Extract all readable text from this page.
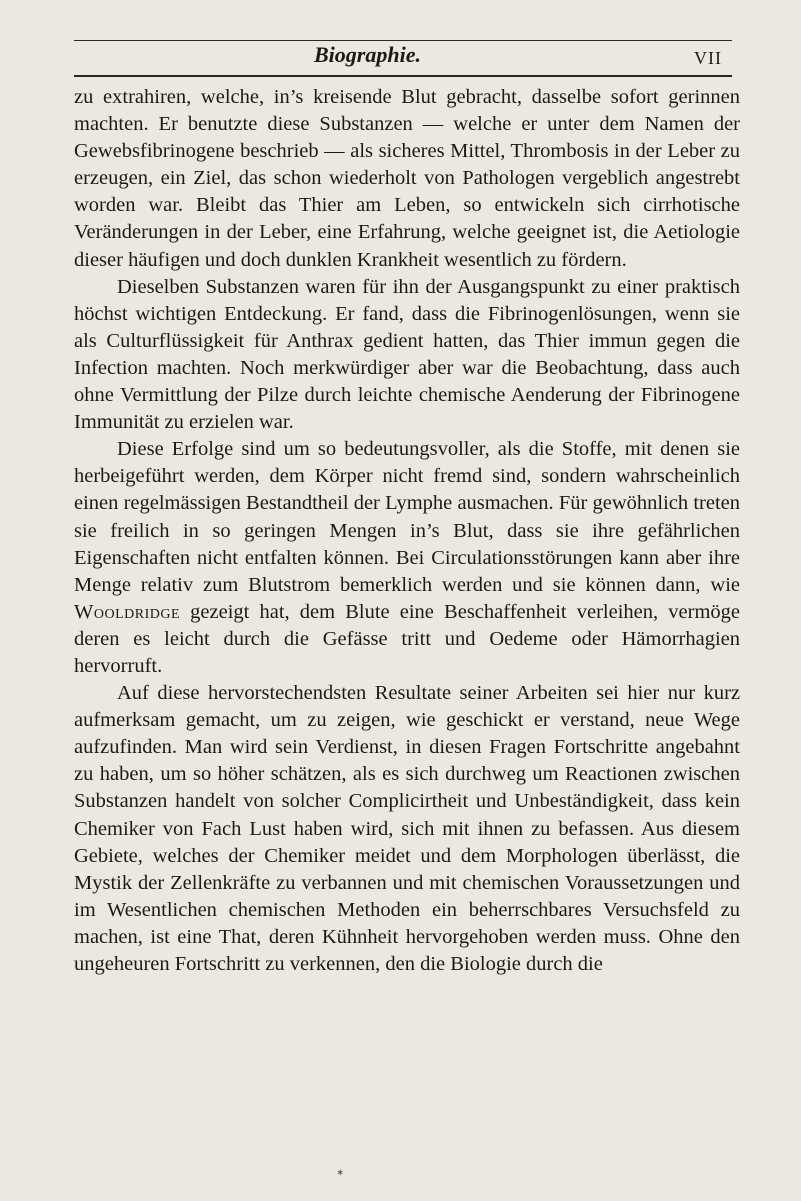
Biographie.	VII

zu extrahiren, welche, in’s kreisende Blut gebracht, dasselbe sofort gerinnen machten. Er benutzte diese Substanzen — welche er unter dem Namen der Gewebsfibrinogene beschrieb — als sicheres Mittel, Thrombosis in der Leber zu erzeugen, ein Ziel, das schon wiederholt von Pathologen vergeblich angestrebt worden war. Bleibt das Thier am Leben, so entwickeln sich cirrhotische Veränderungen in der Leber, eine Erfahrung, welche geeignet ist, die Aetiologie dieser häufigen und doch dunklen Krankheit wesentlich zu fördern.

Dieselben Substanzen waren für ihn der Ausgangspunkt zu einer praktisch höchst wichtigen Entdeckung. Er fand, dass die Fibrinogenlösungen, wenn sie als Culturflüssigkeit für Anthrax gedient hatten, das Thier immun gegen die Infection machten. Noch merkwürdiger aber war die Beobachtung, dass auch ohne Vermittlung der Pilze durch leichte chemische Aenderung der Fibrinogene Immunität zu erzielen war.

Diese Erfolge sind um so bedeutungsvoller, als die Stoffe, mit denen sie herbeigeführt werden, dem Körper nicht fremd sind, sondern wahrscheinlich einen regelmässigen Bestandtheil der Lymphe ausmachen. Für gewöhnlich treten sie freilich in so geringen Mengen in’s Blut, dass sie ihre gefährlichen Eigenschaften nicht entfalten können. Bei Circulationsstörungen kann aber ihre Menge relativ zum Blutstrom bemerklich werden und sie können dann, wie Wooldridge gezeigt hat, dem Blute eine Beschaffenheit verleihen, vermöge deren es leicht durch die Gefässe tritt und Oedeme oder Hämorrhagien hervorruft.

Auf diese hervorstechendsten Resultate seiner Arbeiten sei hier nur kurz aufmerksam gemacht, um zu zeigen, wie geschickt er verstand, neue Wege aufzufinden. Man wird sein Verdienst, in diesen Fragen Fortschritte angebahnt zu haben, um so höher schätzen, als es sich durchweg um Reactionen zwischen Substanzen handelt von solcher Complicirtheit und Unbeständigkeit, dass kein Chemiker von Fach Lust haben wird, sich mit ihnen zu befassen. Aus diesem Gebiete, welches der Chemiker meidet und dem Morphologen überlässt, die Mystik der Zellenkräfte zu verbannen und mit chemischen Voraussetzungen und im Wesentlichen chemischen Methoden ein beherrschbares Versuchsfeld zu machen, ist eine That, deren Kühnheit hervorgehoben werden muss. Ohne den ungeheuren Fortschritt zu verkennen, den die Biologie durch die

✶
